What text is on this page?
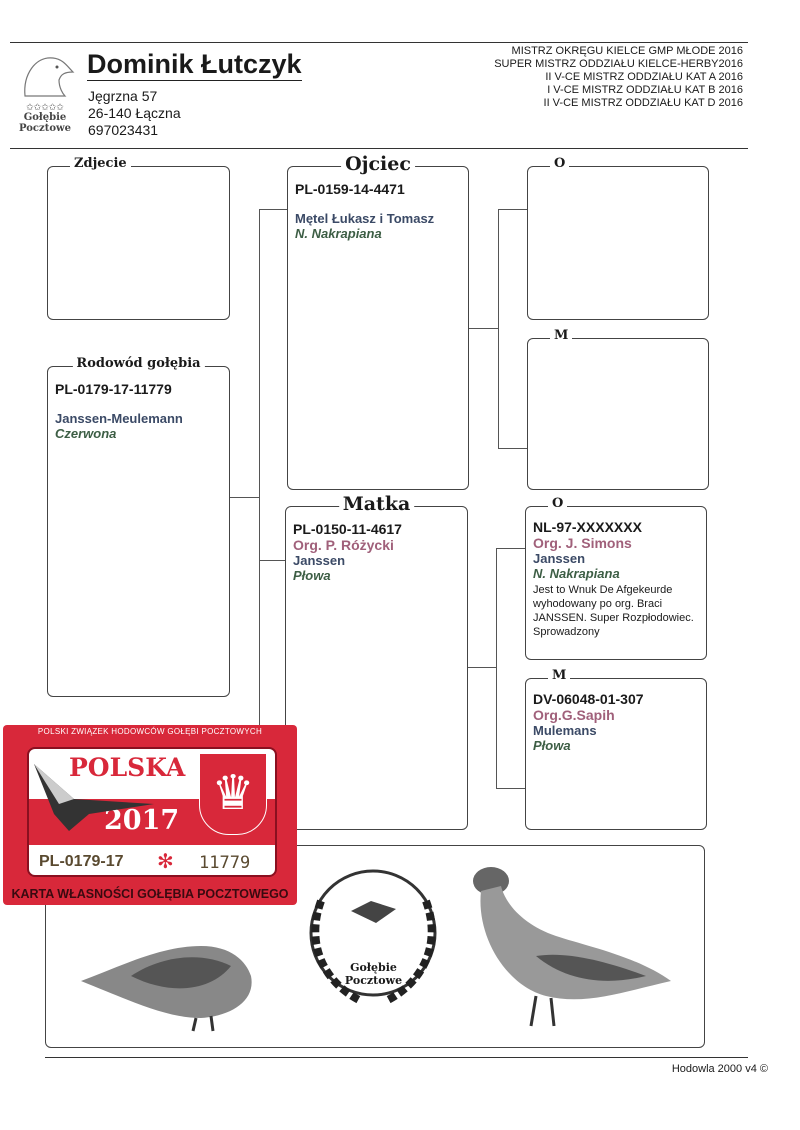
✩✩✩✩✩
Gołębie
Pocztowe
Dominik Łutczyk
Jęgrzna 57
26-140 Łączna
697023431
MISTRZ OKRĘGU KIELCE GMP MŁODE 2016
SUPER MISTRZ ODDZIAŁU KIELCE-HERBY2016
II V-CE MISTRZ ODDZIAŁU KAT A 2016
I V-CE MISTRZ ODDZIAŁU KAT B 2016
II V-CE MISTRZ ODDZIAŁU KAT D 2016
Zdjecie
Rodowód gołębia
PL-0179-17-11779
Janssen-Meulemann
Czerwona
Ojciec
PL-0159-14-4471
Mętel Łukasz i Tomasz
N. Nakrapiana
Matka
PL-0150-11-4617
Org. P. Różycki
Janssen
Płowa
O
M
O
NL-97-XXXXXXX
Org. J. Simons
Janssen
N. Nakrapiana
Jest to Wnuk De Afgekeurde wyhodowany po org. Braci JANSSEN. Super Rozpłodowiec. Sprowadzony
M
DV-06048-01-307
Org.G.Sapih
Mulemans
Płowa
Gołębie
Pocztowe
POLSKI ZWIĄZEK HODOWCÓW GOŁĘBI POCZTOWYCH
POLSKA
2017
♛
PL-0179-17 ✻ 11779
KARTA WŁASNOŚCI GOŁĘBIA POCZTOWEGO
Hodowla 2000 v4 ©
